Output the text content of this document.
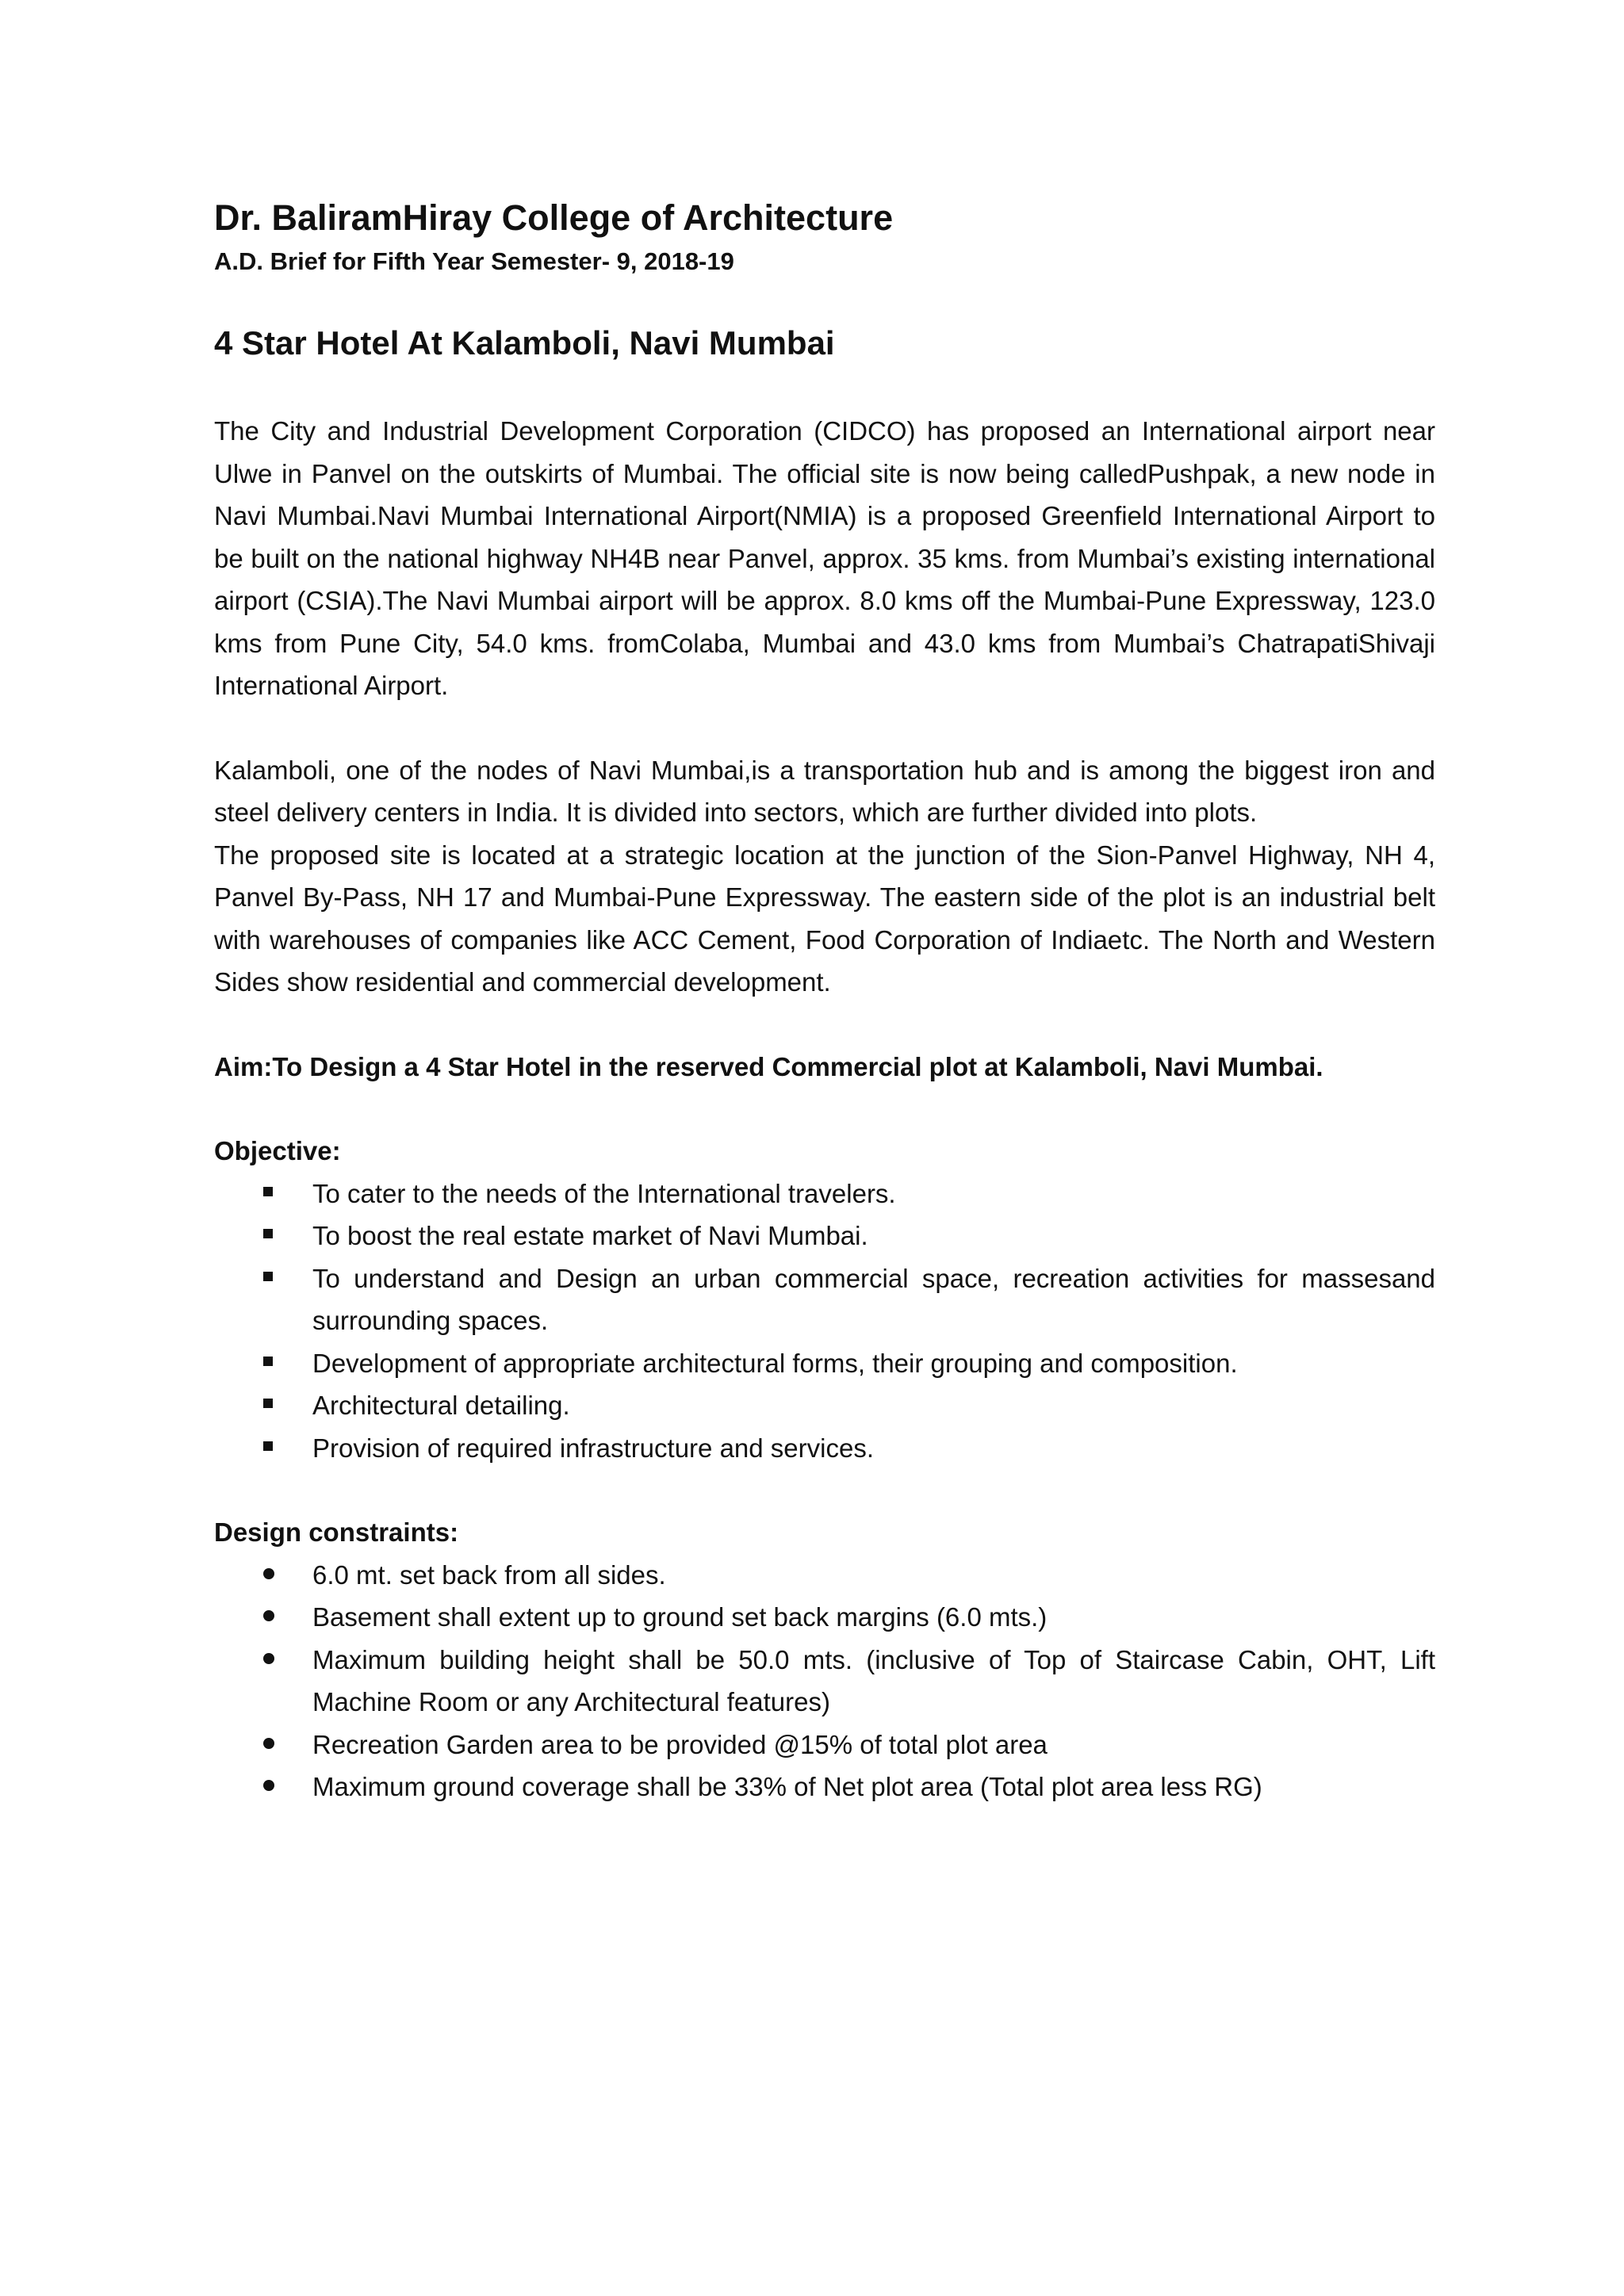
Dr. BaliramHiray College of Architecture
A.D. Brief for Fifth Year Semester- 9, 2018-19
4 Star Hotel At Kalamboli, Navi Mumbai

The City and Industrial Development Corporation (CIDCO) has proposed an International airport near Ulwe in Panvel on the outskirts of Mumbai. The official site is now being calledPushpak, a new node in Navi Mumbai.Navi Mumbai International Airport(NMIA) is a proposed Greenfield International Airport to be built on the national highway NH4B near Panvel, approx. 35 kms. from Mumbai’s existing international airport (CSIA).The Navi Mumbai airport will be approx. 8.0 kms off the Mumbai-Pune Expressway, 123.0 kms from Pune City, 54.0 kms. fromColaba, Mumbai and 43.0 kms from Mumbai’s ChatrapatiShivaji International Airport.

Kalamboli, one of the nodes of Navi Mumbai,is a transportation hub and is among the biggest iron and steel delivery centers in India. It is divided into sectors, which are further divided into plots.

The proposed site is located at a strategic location at the junction of the Sion-Panvel Highway, NH 4, Panvel By-Pass, NH 17 and Mumbai-Pune Expressway. The eastern side of the plot is an industrial belt with warehouses of companies like ACC Cement, Food Corporation of Indiaetc. The North and Western Sides show residential and commercial development.

Aim:To Design a 4 Star Hotel in the reserved Commercial plot at Kalamboli, Navi Mumbai.

Objective:
To cater to the needs of the International travelers.
To boost the real estate market of Navi Mumbai.
To understand and Design an urban commercial space, recreation activities for massesand surrounding spaces.
Development of appropriate architectural forms, their grouping and composition.
Architectural detailing.
Provision of required infrastructure and services.
Design constraints:
6.0 mt. set back from all sides.
Basement shall extent up to ground set back margins (6.0 mts.)
Maximum building height shall be 50.0 mts. (inclusive of Top of Staircase Cabin, OHT, Lift Machine Room or any Architectural features)
Recreation Garden area to be provided @15% of total plot area
Maximum ground coverage shall be 33% of Net plot area (Total plot area less RG)
